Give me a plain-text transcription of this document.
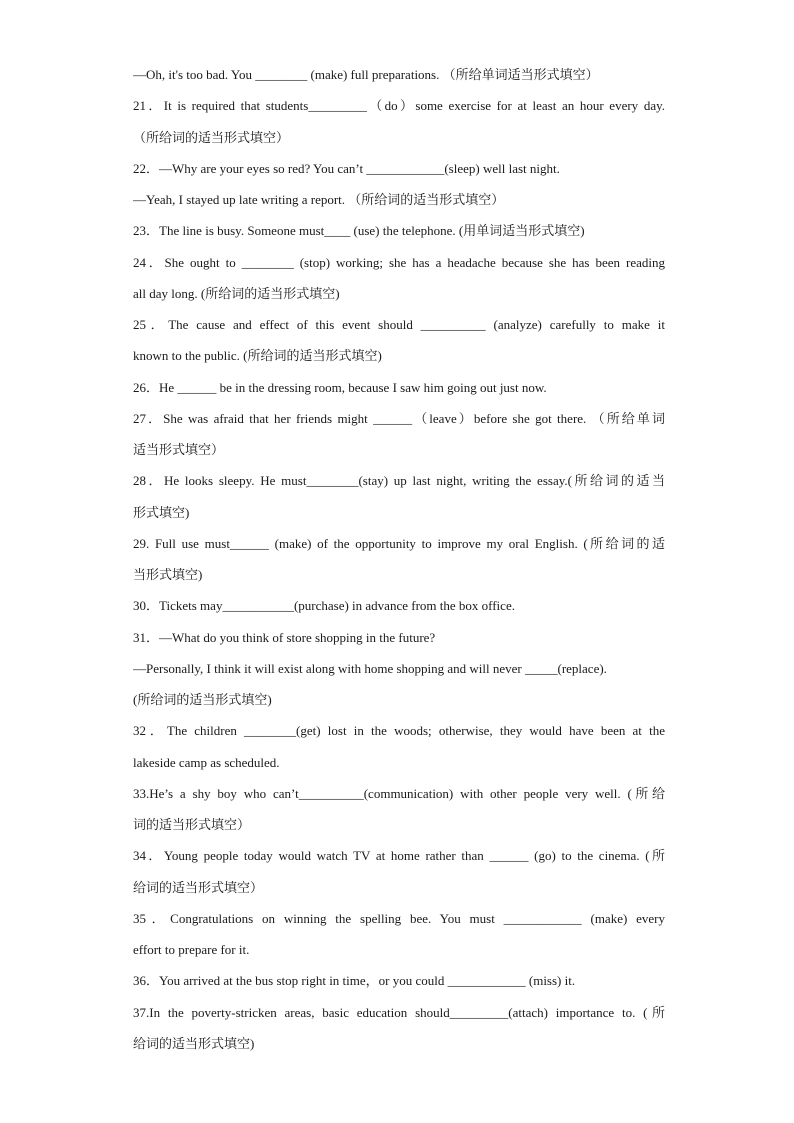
—Oh, it's too bad. You ________ (make) full preparations. （所给单词适当形式填空）
21．It is required that students_________（do）some exercise for at least an hour every day.
（所给词的适当形式填空）
22．—Why are your eyes so red? You can’t ____________(sleep) well last night.
—Yeah, I stayed up late writing a report. （所给词的适当形式填空）
23．The line is busy. Someone must____ (use) the telephone. (用单词适当形式填空)
24．She ought to ________ (stop) working; she has a headache because she has been reading
all day long. (所给词的适当形式填空)
25．The cause and effect of this event should __________ (analyze) carefully to make it
known to the public. (所给词的适当形式填空)
26．He ______ be in the dressing room, because I saw him going out just now.
27．She was afraid that her friends might ______（leave）before she got there. （所给单词
适当形式填空）
28．He looks sleepy. He must________(stay) up last night, writing the essay.(所给词的适当
形式填空)
29. Full use must______ (make) of the opportunity to improve my oral English. (所给词的适
当形式填空)
30．Tickets may___________(purchase) in advance from the box office.
31．—What do you think of store shopping in the future?
—Personally, I think it will exist along with home shopping and will never _____(replace).
(所给词的适当形式填空)
32．The children ________(get) lost in the woods; otherwise, they would have been at the
lakeside camp as scheduled.
33.He’s a shy boy who can’t__________(communication) with other people very well. (所给
词的适当形式填空）
34．Young people today would watch TV at home rather than ______ (go) to the cinema. (所
给词的适当形式填空）
35．Congratulations on winning the spelling bee. You must ____________ (make) every
effort to prepare for it.
36．You arrived at the bus stop right in time，or you could ____________ (miss) it.
37.In the poverty-stricken areas, basic education should_________(attach) importance to. (所
给词的适当形式填空)
